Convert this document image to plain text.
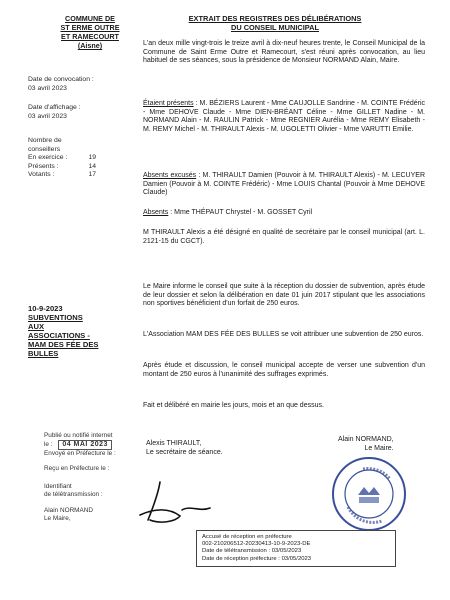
COMMUNE DE
ST ERME OUTRE
ET RAMECOURT
(Aisne)
EXTRAIT DES REGISTRES DES DÉLIBÉRATIONS
DU CONSEIL MUNICIPAL
Date de convocation :
03 avril 2023
Date d'affichage :
03 avril 2023
Nombre de
conseillers
En exercice :	19
Présents :	14
Votants :	17
L'an deux mille vingt-trois le treize avril à dix-neuf heures trente, le Conseil Municipal de la Commune de Saint Erme Outre et Ramecourt, s'est réuni après convocation, au lieu habituel de ses séances, sous la présidence de Monsieur NORMAND Alain, Maire.
Étaient présents : M. BÉZIERS Laurent - Mme CAUJOLLE Sandrine - M. COINTE Frédéric - Mme DEHOVE Claude - Mme DIEN-BRÉANT Céline - Mme GILLET Nadine - M. NORMAND Alain - M. RAULIN Patrick - Mme REGNIER Aurélia - Mme REMY Elisabeth - M. REMY Michel - M. THIRAULT Alexis - M. UGOLETTI Olivier - Mme VARUTTI Emilie.
Absents excusés : M. THIRAULT Damien (Pouvoir à M. THIRAULT Alexis) - M. LECUYER Damien (Pouvoir à M. COINTE Frédéric) - Mme LOUIS Chantal (Pouvoir à Mme DEHOVE Claude)
Absents : Mme THÉPAUT Chrystel - M. GOSSET Cyril
M THIRAULT Alexis a été désigné en qualité de secrétaire par le conseil municipal (art. L. 2121-15 du CGCT).
10-9-2023
SUBVENTIONS
AUX
ASSOCIATIONS -
MAM DES FÉE DES
BULLES
Le Maire informe le conseil que suite à la réception du dossier de subvention, après étude de leur dossier et selon la délibération en date 01 juin 2017 stipulant que les associations non sportives bénéficient d'un forfait de 250 euros.
L'Association MAM DES FÉE DES BULLES se voit attribuer une subvention de 250 euros.
Après étude et discussion, le conseil municipal accepte de verser une subvention d'un montant de 250 euros à l'unanimité des suffrages exprimés.
Fait et délibéré en mairie les jours, mois et an que dessus.
Publié ou notifié internet
le : 04 MAI 2023
Envoyé en Préfecture le :
Reçu en Préfecture le :
Identifiant
de télétransmission :
Alain NORMAND
Le Maire,
Alexis THIRAULT,
Le secrétaire de séance.
Alain NORMAND,
Le Maire.
Accusé de réception en préfecture
002-210206512-20230413-10-9-2023-DE
Date de télétransmission : 03/05/2023
Date de réception préfecture : 03/05/2023
